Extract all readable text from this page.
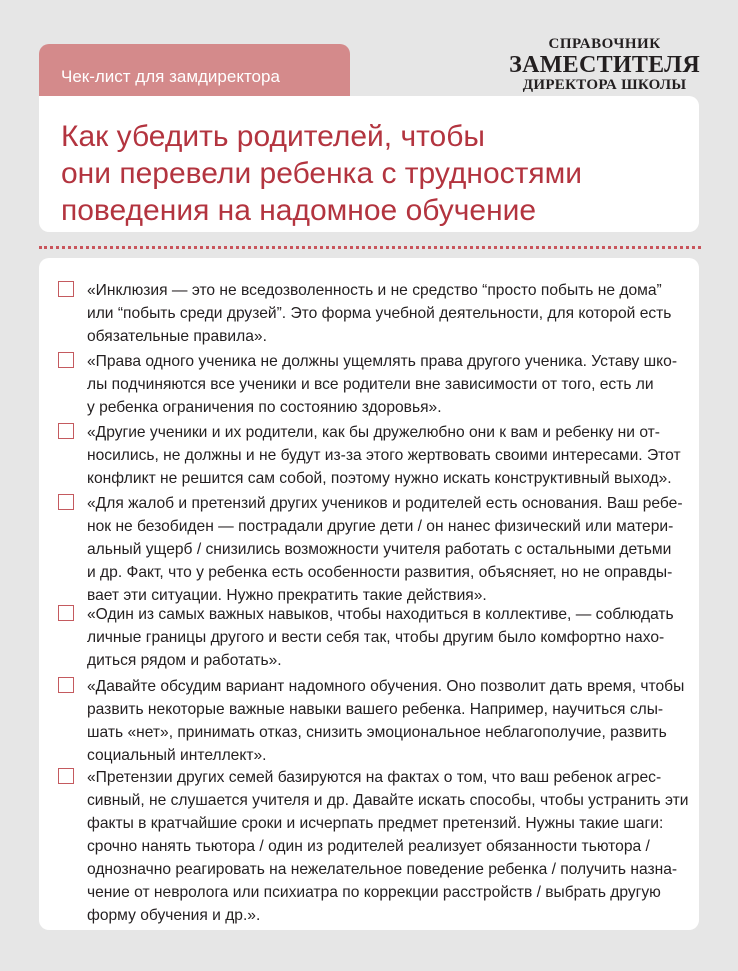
Чек-лист для замдиректора
СПРАВОЧНИК
ЗАМЕСТИТЕЛЯ
ДИРЕКТОРА ШКОЛЫ
Как убедить родителей, чтобы
они перевели ребенка с трудностями
поведения на надомное обучение
«Инклюзия — это не вседозволенность и не средство “просто побыть не дома”
или “побыть среди друзей”. Это форма учебной деятельности, для которой есть
обязательные правила».
«Права одного ученика не должны ущемлять права другого ученика. Уставу шко-
лы подчиняются все ученики и все родители вне зависимости от того, есть ли
у ребенка ограничения по состоянию здоровья».
«Другие ученики и их родители, как бы дружелюбно они к вам и ребенку ни от-
носились, не должны и не будут из-за этого жертвовать своими интересами. Этот
конфликт не решится сам собой, поэтому нужно искать конструктивный выход».
«Для жалоб и претензий других учеников и родителей есть основания. Ваш ребе-
нок не безобиден — пострадали другие дети / он нанес физический или матери-
альный ущерб / снизились возможности учителя работать с остальными детьми
и др. Факт, что у ребенка есть особенности развития, объясняет, но не оправды-
вает эти ситуации. Нужно прекратить такие действия».
«Один из самых важных навыков, чтобы находиться в коллективе, — соблюдать
личные границы другого и вести себя так, чтобы другим было комфортно нахо-
диться рядом и работать».
«Давайте обсудим вариант надомного обучения. Оно позволит дать время, чтобы
развить некоторые важные навыки вашего ребенка. Например, научиться слы-
шать «нет», принимать отказ, снизить эмоциональное неблагополучие, развить
социальный интеллект».
«Претензии других семей базируются на фактах о том, что ваш ребенок агрес-
сивный, не слушается учителя и др. Давайте искать способы, чтобы устранить эти
факты в кратчайшие сроки и исчерпать предмет претензий. Нужны такие шаги:
срочно нанять тьютора / один из родителей реализует обязанности тьютора /
однозначно реагировать на нежелательное поведение ребенка / получить назна-
чение от невролога или психиатра по коррекции расстройств / выбрать другую
форму обучения и др.».
